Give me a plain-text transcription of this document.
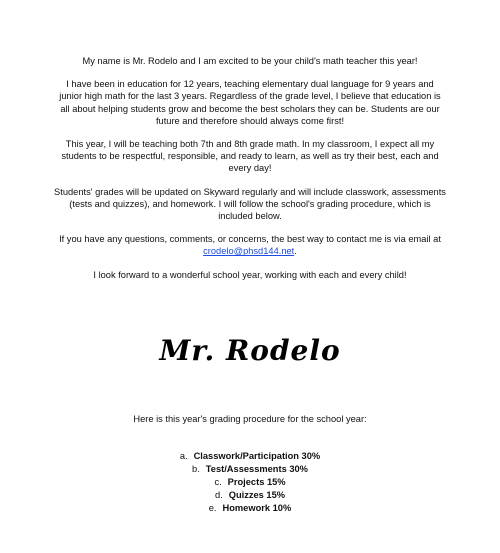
My name is Mr. Rodelo and I am excited to be your child's math teacher this year!

I have been in education for 12 years, teaching elementary dual language for 9 years and junior high math for the last 3 years. Regardless of the grade level, I believe that education is all about helping students grow and become the best scholars they can be. Students are our future and therefore should always come first!

This year, I will be teaching both 7th and 8th grade math. In my classroom, I expect all my students to be respectful, responsible, and ready to learn, as well as try their best, each and every day!

Students' grades will be updated on Skyward regularly and will include classwork, assessments (tests and quizzes), and homework. I will follow the school's grading procedure, which is included below.

If you have any questions, comments, or concerns, the best way to contact me is via email at crodelo@phsd144.net.

I look forward to a wonderful school year, working with each and every child!

Mr. Rodelo
Here is this year's grading procedure for the school year:
a. Classwork/Participation 30%
b. Test/Assessments 30%
c. Projects 15%
d. Quizzes 15%
e. Homework 10%
